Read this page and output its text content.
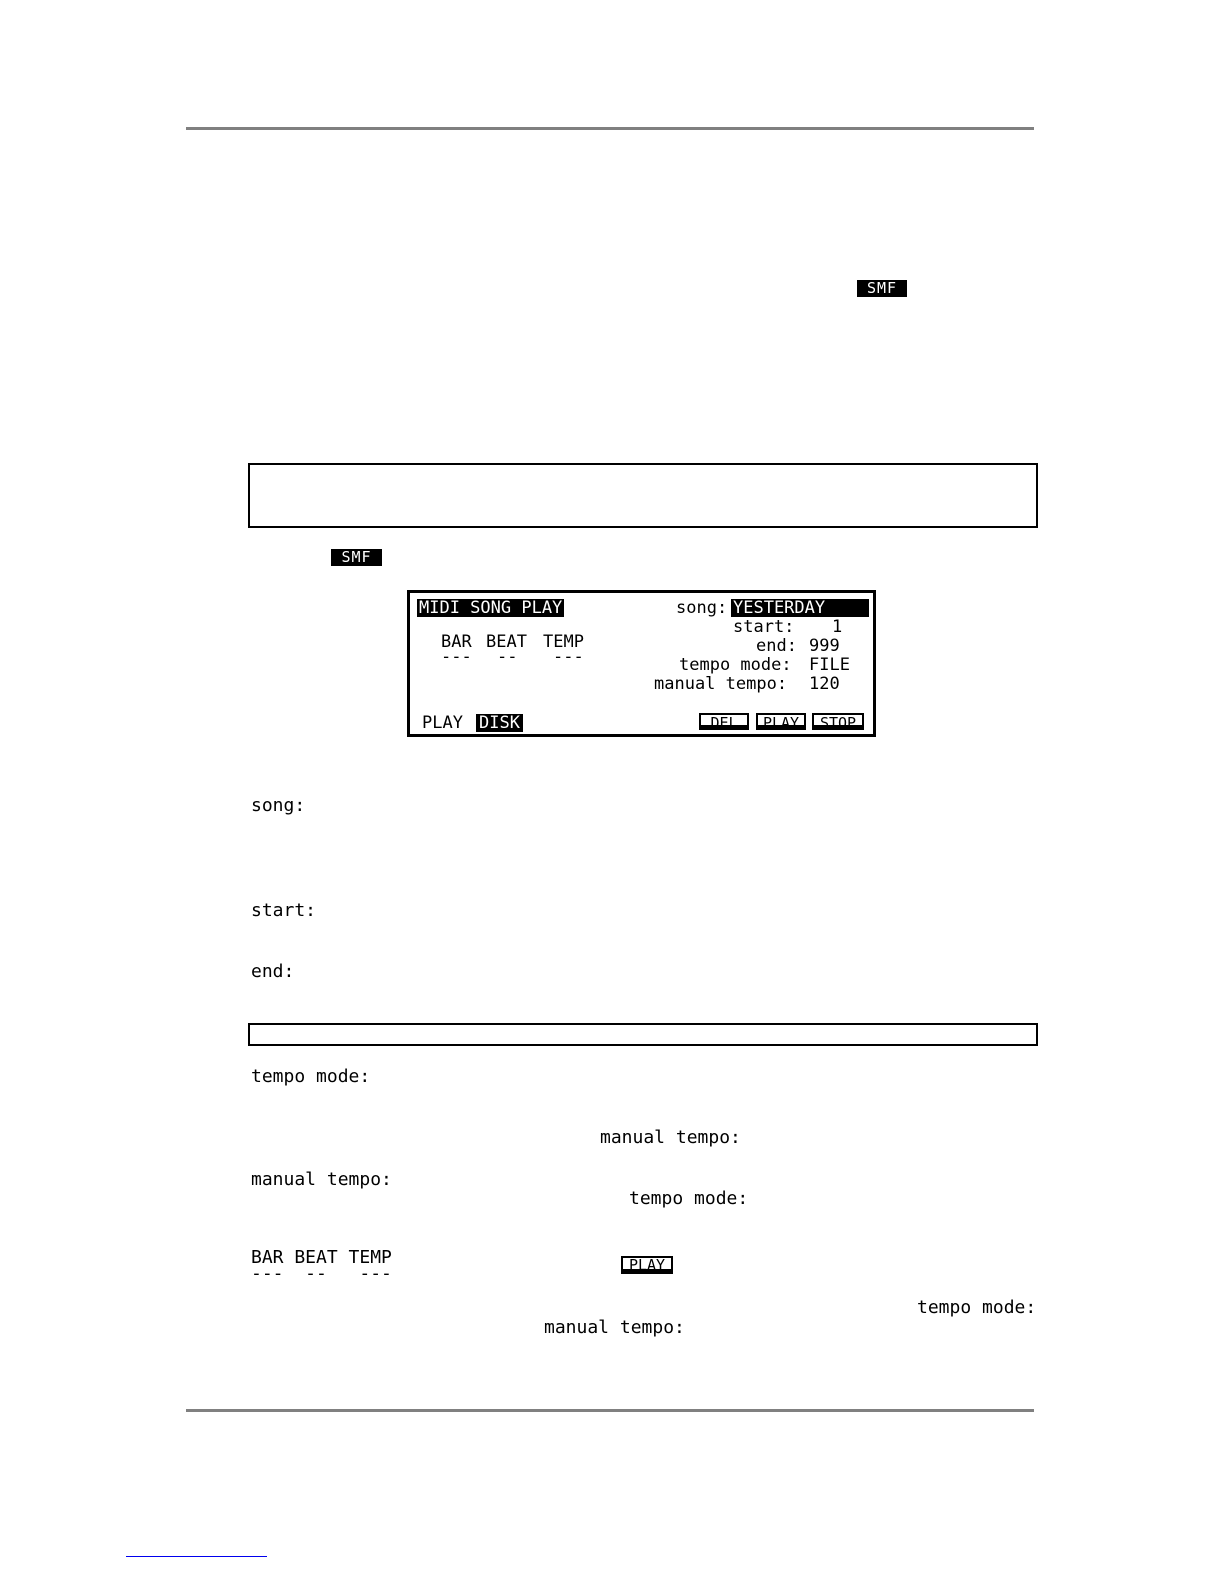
SMF
SMF
MIDI SONG PLAY	song: YESTERDAY
start: 1
end: 999
tempo mode: FILE
manual tempo: 120
BAR BEAT TEMP
--- -- ---
PLAY DISK	DEL	PLAY	STOP
song:
start:
end:
tempo mode:
manual tempo:
manual tempo:
tempo mode:
BAR BEAT TEMP
---  --   ---	PLAY
tempo mode:
manual tempo:
